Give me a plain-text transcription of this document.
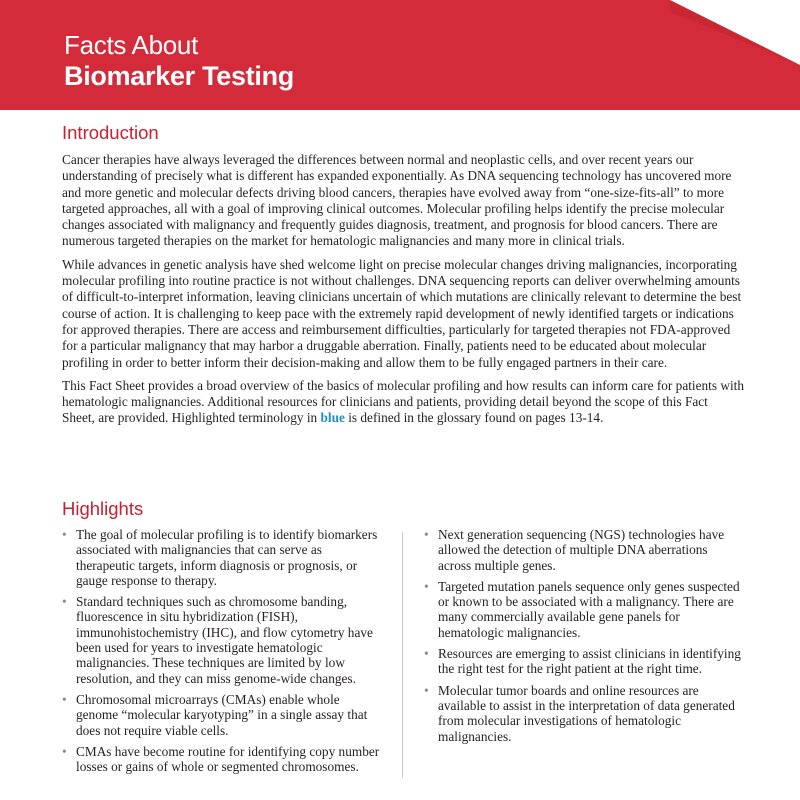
Facts About
Biomarker Testing
Introduction

Cancer therapies have always leveraged the differences between normal and neoplastic cells, and over recent years our understanding of precisely what is different has expanded exponentially. As DNA sequencing technology has uncovered more and more genetic and molecular defects driving blood cancers, therapies have evolved away from “one-size-fits-all” to more targeted approaches, all with a goal of improving clinical outcomes. Molecular profiling helps identify the precise molecular changes associated with malignancy and frequently guides diagnosis, treatment, and prognosis for blood cancers. There are numerous targeted therapies on the market for hematologic malignancies and many more in clinical trials.

While advances in genetic analysis have shed welcome light on precise molecular changes driving malignancies, incorporating molecular profiling into routine practice is not without challenges. DNA sequencing reports can deliver overwhelming amounts of difficult-to-interpret information, leaving clinicians uncertain of which mutations are clinically relevant to determine the best course of action. It is challenging to keep pace with the extremely rapid development of newly identified targets or indications for approved therapies. There are access and reimbursement difficulties, particularly for targeted therapies not FDA-approved for a particular malignancy that may harbor a druggable aberration. Finally, patients need to be educated about molecular profiling in order to better inform their decision-making and allow them to be fully engaged partners in their care.

This Fact Sheet provides a broad overview of the basics of molecular profiling and how results can inform care for patients with hematologic malignancies. Additional resources for clinicians and patients, providing detail beyond the scope of this Fact Sheet, are provided. Highlighted terminology in blue is defined in the glossary found on pages 13-14.

Highlights
• The goal of molecular profiling is to identify biomarkers associated with malignancies that can serve as therapeutic targets, inform diagnosis or prognosis, or gauge response to therapy.
• Standard techniques such as chromosome banding, fluorescence in situ hybridization (FISH), immunohistochemistry (IHC), and flow cytometry have been used for years to investigate hematologic malignancies. These techniques are limited by low resolution, and they can miss genome-wide changes.
• Chromosomal microarrays (CMAs) enable whole genome “molecular karyotyping” in a single assay that does not require viable cells.
• CMAs have become routine for identifying copy number losses or gains of whole or segmented chromosomes.
• Next generation sequencing (NGS) technologies have allowed the detection of multiple DNA aberrations across multiple genes.
• Targeted mutation panels sequence only genes suspected or known to be associated with a malignancy. There are many commercially available gene panels for hematologic malignancies.
• Resources are emerging to assist clinicians in identifying the right test for the right patient at the right time.
• Molecular tumor boards and online resources are available to assist in the interpretation of data generated from molecular investigations of hematologic malignancies.
